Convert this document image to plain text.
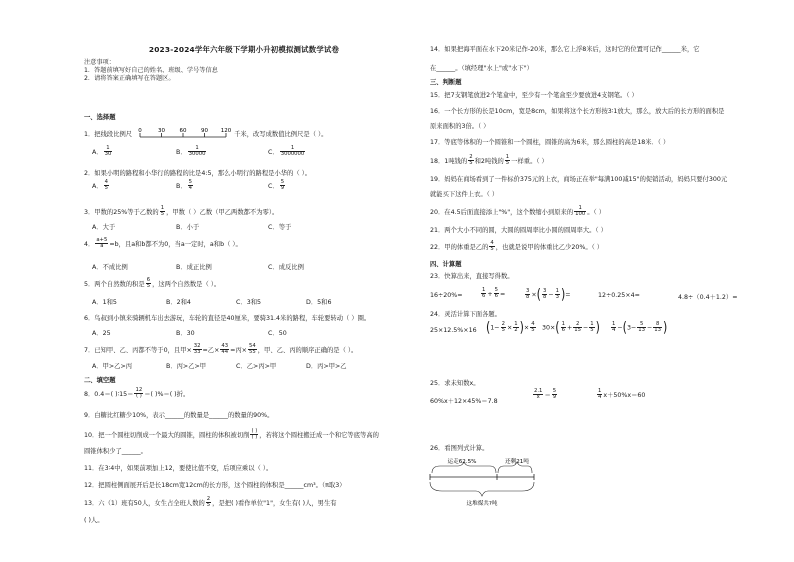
2023-2024学年六年级下学期小升初模拟测试数学试卷
注意事项：
1．答题前填写好自己的姓名、班级、学号等信息
2．请将答案正确填写在答题区。
一、选择题
1．把线段比例尺 0	30	60	90 120 千米，改写成数值比例尺是（ ）。
A． $\frac{1}{30}$	B． $\frac{1}{30000}$	C． $\frac{1}{3000000}$
2．如果小明的路程和小华行的路程的比是4:5，那么小明行的路程是小华的（ ）。
A． $\frac{4}{5}$	B． $\frac{5}{4}$	C． $\frac{5}{9}$
3．甲数的25%等于乙数的 $\frac{1}{5}$ ，甲数（ ）乙数（甲乙两数都不为零）。
A．大于	B．小于	C．等于
4． $\frac{a+5}{a} =b$，且a和b都不为0，当a一定时，a和b（ ）。
A．不成比例	B．成正比例	C．成反比例
5．两个自然数的积是 $\frac{6}{5}$ ，这两个自然数是（ ）。
A．1和5	B．2和4	C．3和5	D．5和6
6．鸟叔到小镇来骑辆机车出去游玩，车轮的直径是40厘米，要骑31.4米的路程，车轮要转动（ ）圈。
A．25	B．30	C．50
7．已知甲、乙、丙都不等于0，且甲× $\frac{32}{33}$ =乙× $\frac{43}{44}$ =丙× $\frac{54}{55}$ ，甲、乙、丙的顺序正确的是（ ）。
A．甲>乙>丙	B．丙>乙>甲	C．乙>丙>甲	D．丙>甲>乙
二、填空题
8．0.4＝( )∶15＝ $\frac{12}{( )}$ ＝( )%＝( )折。
9．白糖比红糖少10%，表示______的数量是______的数量的90%。
10．把一个圆柱切削成一个最大的圆锥，圆柱的体积被切削 $\frac{( )}{( )}$ ，若将这个圆柱搬迁成一个和它等底等高的
圆锥体积少了______。
11．在3∶4中，如果前项加上12，要使比值不变，后项应乘以（ ）。
12．把圆柱侧面展开后是长18cm宽12cm的长方形，这个圆柱的体积是______cm³。（π取3）
13．六（1）班有50人，女生占全班人数的 $\frac{2}{5}$ ，是把( )看作单位"1"，女生有( )人，男生有
( )人。
14．如果把海平面在水下20米记作-20米，那么它上浮8米后，这时它的位置可记作______米，它
在______。（填经理"水上"或"水下"）
三、判断题
15．把7支钢笔放进2个笔盒中，至少有一个笔盒至少要放进4支钢笔。（ ）
16．一个长方形的长是10cm，宽是8cm，如果将这个长方形按3∶1放大，那么，放大后的长方形的面积是
原来面积的3倍。（ ）
17．等底等体积的一个圆锥和一个圆柱，圆锥的高为6米，那么圆柱的高是18米．（ ）
18．1吨钱的 $\frac{2}{5}$ 和2吨钱的 $\frac{1}{5}$ 一样重。（ ）
19．妈妈在商场看到了一件标价375元的上衣，商场正在举"每满100减15"的促销活动，妈妈只要付300元
就能买下这件上衣。（ ）
20．在4.5后面直接添上"%"，这个数缩小到原来的 $\frac{1}{100}$ 。（ ）
21．两个大小不同的圆，大圆的圆周率比小圆的圆周率大。（ ）
22．甲的体重是乙的 $\frac{4}{5}$ ，也就是说甲的体重比乙少20%。（ ）
四、计算题
23．快算出来，直接写得数。
16÷20%=	$\frac{1}{6} + \frac{5}{6}$ =	$\frac{3}{8}$ ×( $\frac{3}{8} - \frac{1}{3}$ )=	12÷0.25×4=	4.8÷（0.4＋1.2）=
24．灵活计算下面各题。
25×12.5%×16 ($1- \frac{2}{5} \times \frac{1}{2}$ )× $\frac{4}{5} 30\times( \frac{1}{6} + \frac{2}{15} - \frac{1}{5}$ ) $\frac{1}{4} -(3- \frac{5}{13} - \frac{8}{13}$ )
25．求未知数x。
60%x＋12×45%＝7.8
$\frac{2.1}{x} = \frac{5}{9}$	$\frac{1}{4} x+50\%x=60$
26．看图列式计算。
运走62.5%	还剩21吨
这堆煤共?吨
